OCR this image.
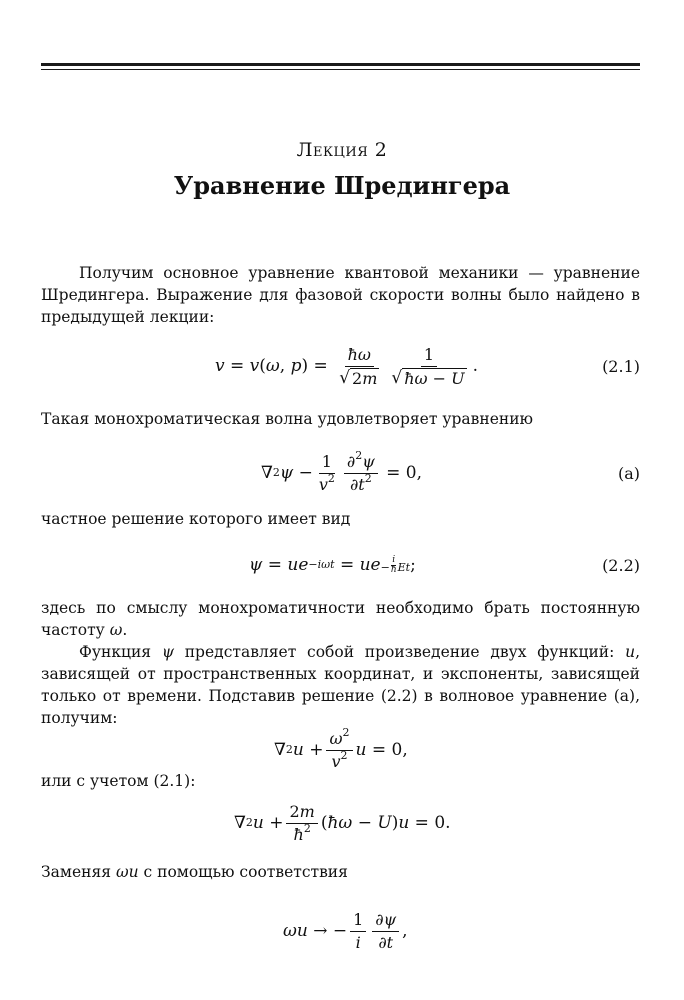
Лекция 2
Уравнение Шредингера

Получим основное уравнение квантовой механики — уравнение Шредингера. Выражение для фазовой скорости волны было найдено в предыдущей лекции:

v = v ( ω , p ) = $\frac{ħ\omega}{√ 2m} \frac{1}{√ ħ\omega - U}$ .	(2.1)

Такая монохроматическая волна удовлетворяет уравнению

∇ 2 $\psi - \frac{1}{v^2} \frac{\partial^2\psi}{\partial t^2} = 0$,	(а)

частное решение которого имеет вид

ψ = ue −iωt = ue − $\frac{i}{ħ}$ Et ;	(2.2)

здесь по смыслу монохроматичности необходимо брать постоянную частоту ω.

Функция ψ представляет собой произведение двух функций: u, зависящей от пространственных координат, и экспоненты, зависящей только от времени. Подставив решение (2.2) в волновое уравнение (а), получим:

∇ 2 $u + \frac{\omega^2}{v^2}$ u = 0,

или с учетом (2.1):

∇ 2 $u + \frac{2m}{ħ^2}$ ( ħω − U ) u = 0.

Заменяя ωu с помощью соответствия

ωu → − $\frac{1}{i} \frac{\partial\psi}{\partial t}$ ,
